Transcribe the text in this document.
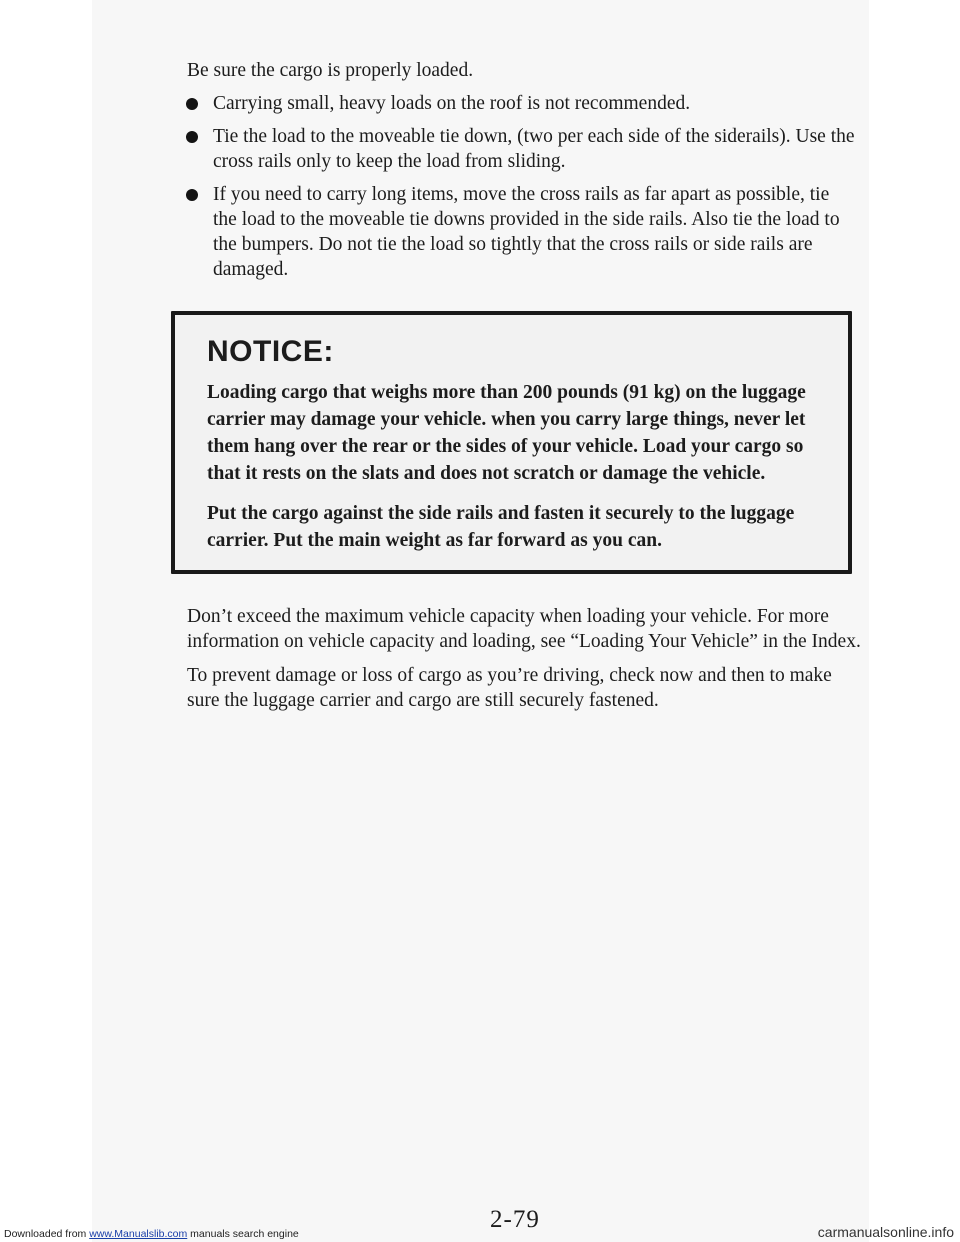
Be sure the cargo is properly loaded.

Carrying small, heavy loads on the roof is not recommended.
Tie the load to the moveable tie down, (two per each side of the siderails). Use the cross rails only to keep the load from sliding.
If you need to carry long items, move the cross rails as far apart as possible, tie the load to the moveable tie downs provided in the side rails. Also tie the load to the bumpers. Do not tie the load so tightly that the cross rails or side rails are damaged.
NOTICE:

Loading cargo that weighs more than 200 pounds (91 kg) on the luggage carrier may damage your vehicle. when you carry large things, never let them hang over the rear or the sides of your vehicle. Load your cargo so that it rests on the slats and does not scratch or damage the vehicle.

Put the cargo against the side rails and fasten it securely to the luggage carrier. Put the main weight as far forward as you can.

Don’t exceed the maximum vehicle capacity when loading your vehicle. For more information on vehicle capacity and loading, see “Loading Your Vehicle” in the Index.

To prevent damage or loss of cargo as you’re driving, check now and then to make sure the luggage carrier and cargo are still securely fastened.

2-79
Downloaded from www.Manualslib.com manuals search engine	carmanualsonline.info
